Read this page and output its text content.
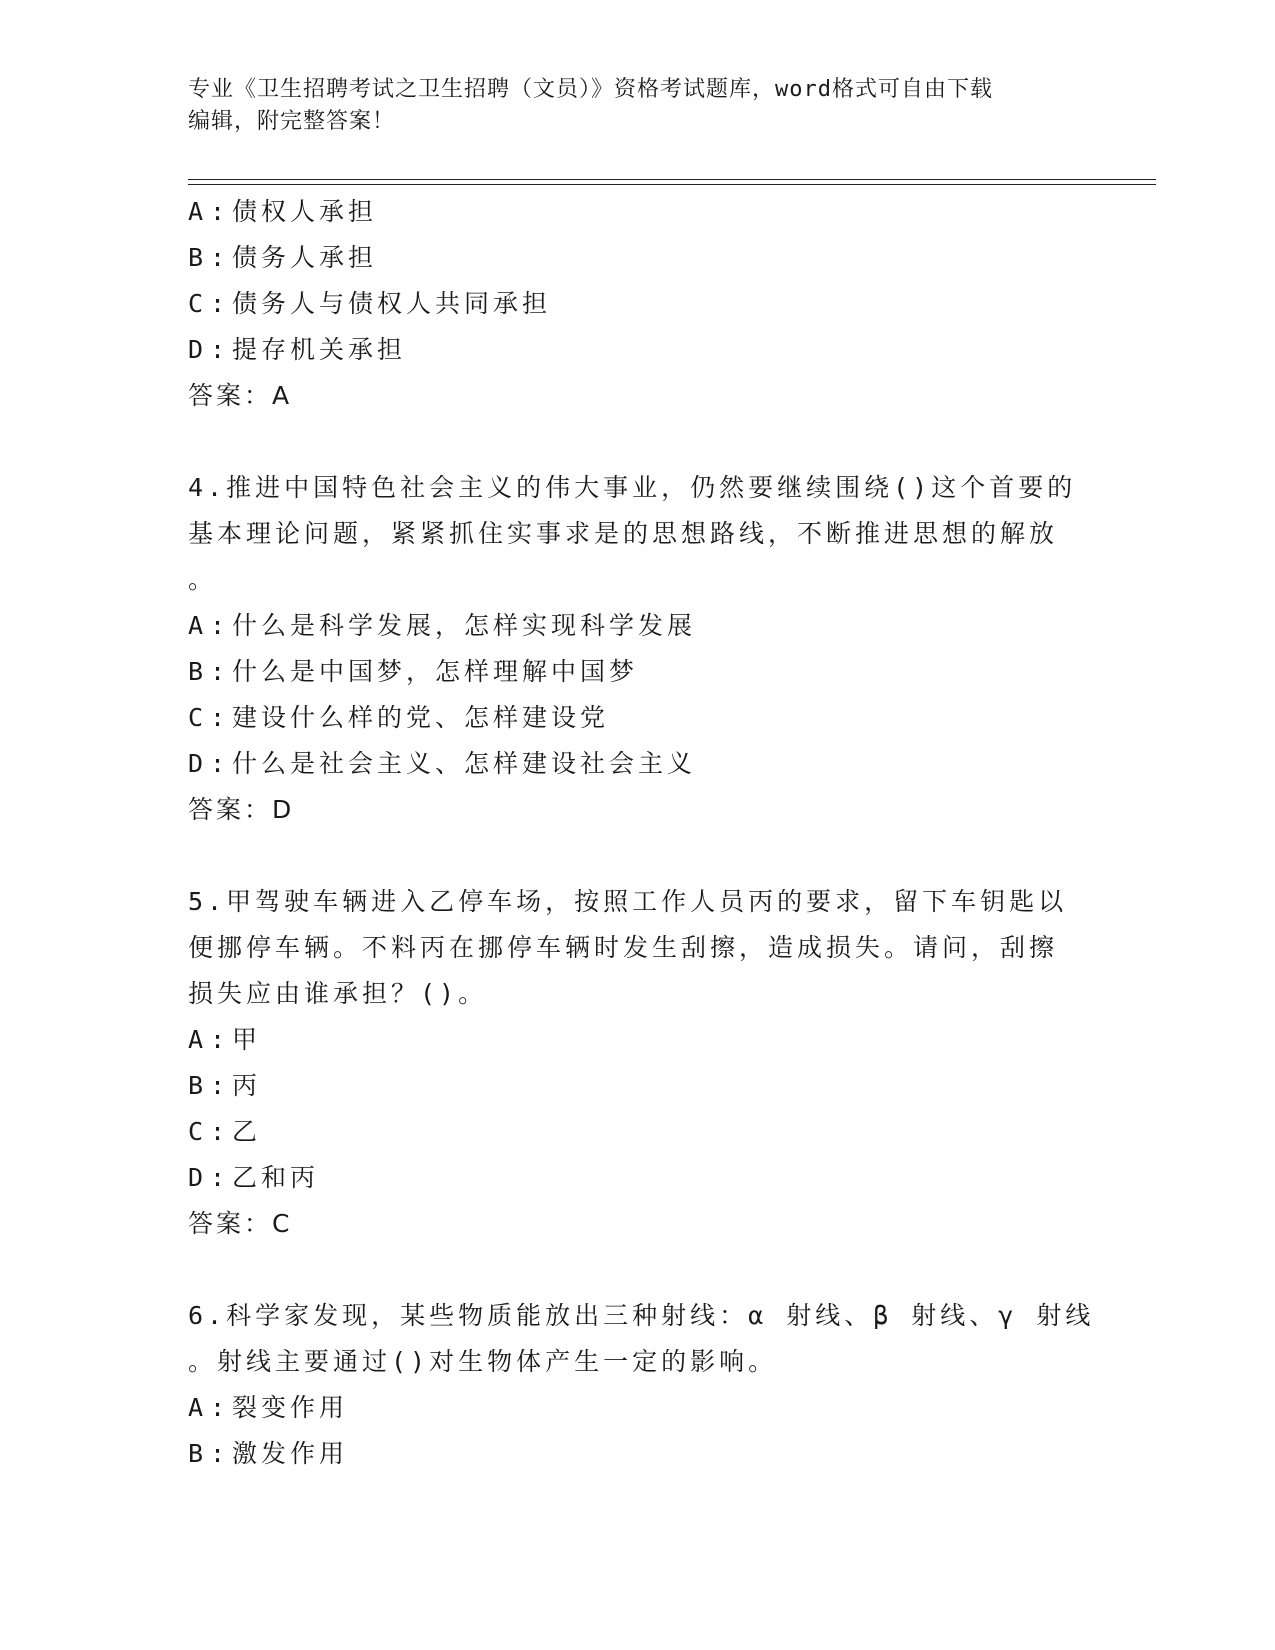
专业《卫生招聘考试之卫生招聘（文员）》资格考试题库，word格式可自由下载
编辑，附完整答案！
A : 债权人承担
B : 债务人承担
C : 债务人与债权人共同承担
D : 提存机关承担
答案：A
4.推进中国特色社会主义的伟大事业，仍然要继续围绕()这个首要的
基本理论问题，紧紧抓住实事求是的思想路线，不断推进思想的解放
。
A : 什么是科学发展，怎样实现科学发展
B : 什么是中国梦，怎样理解中国梦
C : 建设什么样的党、怎样建设党
D : 什么是社会主义、怎样建设社会主义
答案：D
5.甲驾驶车辆进入乙停车场，按照工作人员丙的要求，留下车钥匙以
便挪停车辆。不料丙在挪停车辆时发生刮擦，造成损失。请问，刮擦
损失应由谁承担？()。
A : 甲
B : 丙
C : 乙
D : 乙和丙
答案：C
6.科学家发现，某些物质能放出三种射线：α 射线、β 射线、γ 射线
。射线主要通过()对生物体产生一定的影响。
A : 裂变作用
B : 激发作用
